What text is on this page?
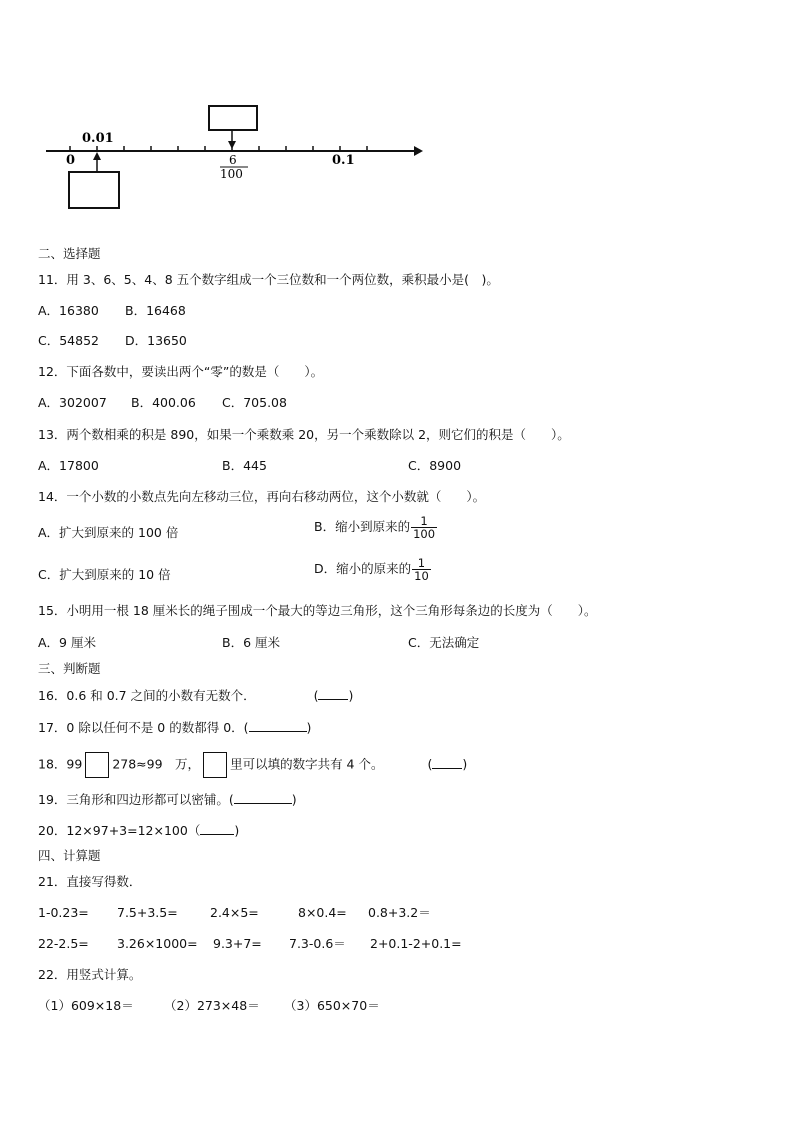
0
0.01
6
100
0.1
二、选择题
11．用 3、6、5、4、8 五个数字组成一个三位数和一个两位数，乘积最小是(　)。
A．16380 B．16468
C．54852 D．13650
12．下面各数中，要读出两个“零”的数是（　　）。
A．302007 B．400.06 C．705.08
13．两个数相乘的积是 890，如果一个乘数乘 20，另一个乘数除以 2，则它们的积是（　　）。
A．17800	B．445	C．8900
14．一个小数的小数点先向左移动三位，再向右移动两位，这个小数就（　　）。
A．扩大到原来的 100 倍	B．缩小到原来的 $\frac{1}{100}$
C．扩大到原来的 10 倍	D．缩小的原来的 $\frac{1}{10}$
15．小明用一根 18 厘米长的绳子围成一个最大的等边三角形，这个三角形每条边的长度为（　　）。
A．9 厘米	B．6 厘米	C．无法确定
三、判断题
16．0.6 和 0.7 之间的小数有无数个．	( )
17．0 除以任何不是 0 的数都得 0．(	)
18．99 278≈99　万， 里可以填的数字共有 4 个。	( )
19．三角形和四边形都可以密铺。(	)
20．12×97+3=12×100（	)
四、计算题
21．直接写得数．
1-0.23= 7.5+3.5=	2.4×5=	8×0.4= 0.8+3.2＝
22-2.5= 3.26×1000= 9.3+7= 7.3-0.6＝ 2+0.1-2+0.1=
22．用竖式计算。
（1）609×18＝ （2）273×48＝ （3）650×70＝
